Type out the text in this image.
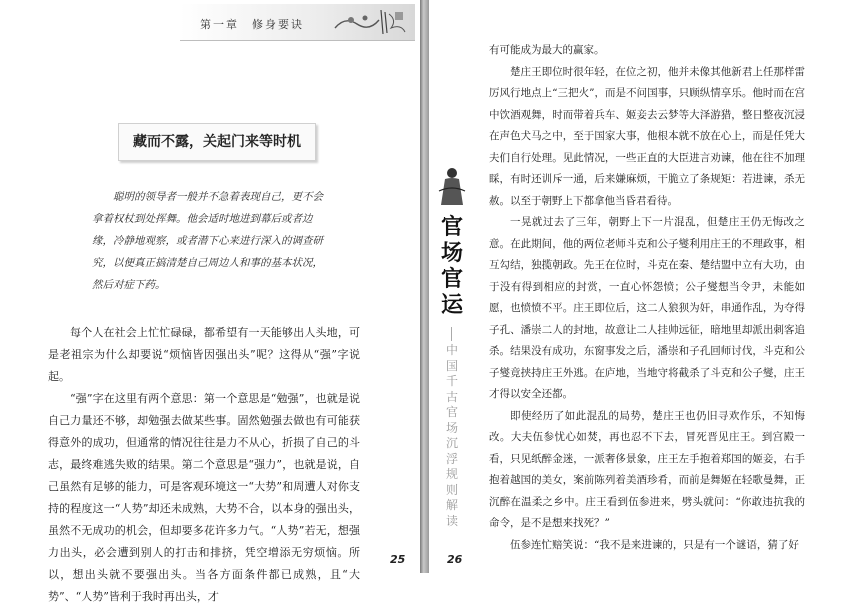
第一章　修身要诀
藏而不露，关起门来等时机

聪明的领导者一般并不急着表现自己，更不会拿着权杖到处挥舞。他会适时地进到幕后或者边缘，冷静地观察，或者潜下心来进行深入的调查研究，以便真正搞清楚自己周边人和事的基本状况，然后对症下药。

每个人在社会上忙忙碌碌，都希望有一天能够出人头地，可是老祖宗为什么却要说“烦恼皆因强出头”呢？这得从“强”字说起。

“强”字在这里有两个意思：第一个意思是“勉强”，也就是说自己力量还不够，却勉强去做某些事。固然勉强去做也有可能获得意外的成功，但通常的情况往往是力不从心，折损了自己的斗志，最终难逃失败的结果。第二个意思是“强力”，也就是说，自己虽然有足够的能力，可是客观环境这一“大势”和周遭人对你支持的程度这一“人势”却还未成熟，大势不合，以本身的强出头，虽然不无成功的机会，但却要多花许多力气。“人势”若无，想强力出头，必会遭到别人的打击和排挤，凭空增添无穷烦恼。所以，想出头就不要强出头。当各方面条件都已成熟，且“大势”、“人势”皆利于我时再出头，才

25
官场 官运
中国千古官场沉浮规则解读

有可能成为最大的赢家。

楚庄王即位时很年轻，在位之初，他并未像其他新君上任那样雷厉风行地点上“三把火”，而是不问国事，只顾纵情享乐。他时而在宫中饮酒观舞，时而带着兵车、姬妾去云梦等大泽游猎，整日整夜沉浸在声色犬马之中，至于国家大事，他根本就不放在心上，而是任凭大夫们自行处理。见此情况，一些正直的大臣进言劝谏，他在往不加理睬，有时还训斥一通，后来嫌麻烦，干脆立了条规矩：若进谏，杀无赦。以至于朝野上下都拿他当昏君看待。

一晃就过去了三年，朝野上下一片混乱，但楚庄王仍无悔改之意。在此期间，他的两位老师斗克和公子燮利用庄王的不理政事，相互勾结，独揽朝政。先王在位时，斗克在秦、楚结盟中立有大功，由于没有得到相应的封赏，一直心怀怨愤；公子燮想当令尹，未能如愿，也愤愤不平。庄王即位后，这二人狼狈为奸，串通作乱，为夺得子孔、潘崇二人的封地，故意让二人挂帅远征，暗地里却派出刺客追杀。结果没有成功，东窗事发之后，潘崇和子孔回师讨伐，斗克和公子燮竟挟持庄王外逃。在庐地，当地守将截杀了斗克和公子燮，庄王才得以安全还都。

即使经历了如此混乱的局势，楚庄王也仍旧寻欢作乐，不知悔改。大夫伍参忧心如焚，再也忍不下去，冒死晋见庄王。到宫殿一看，只见纸醉金迷，一派奢侈景象，庄王左手抱着郑国的姬妾，右手抱着越国的美女，案前陈列着美酒珍肴，而前是舞姬在轻歌曼舞，正沉醉在温柔之乡中。庄王看到伍参进来，劈头就问：“你敢违抗我的命令，是不是想来找死？”

伍参连忙赔笑说：“我不是来进谏的，只是有一个谜语，猜了好

26
